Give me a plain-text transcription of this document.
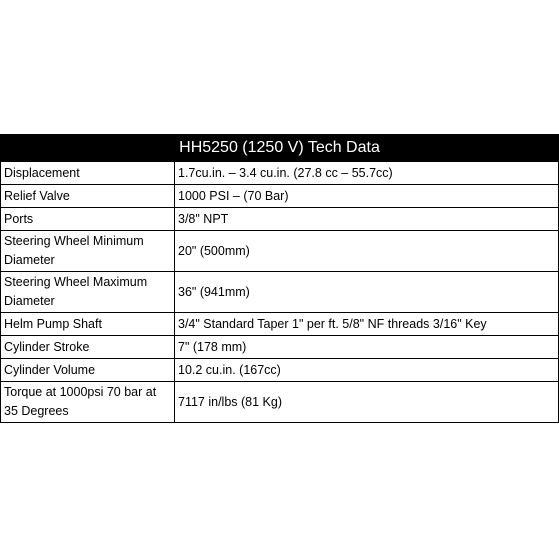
HH5250 (1250 V) Tech Data	
Displacement	1.7cu.in. – 3.4 cu.in. (27.8 cc – 55.7cc)
Relief Valve	1000 PSI – (70 Bar)
Ports	3/8" NPT
Steering Wheel Minimum Diameter	20" (500mm)
Steering Wheel Maximum Diameter	36" (941mm)
Helm Pump Shaft	3/4" Standard Taper 1" per ft. 5/8" NF threads 3/16" Key
Cylinder Stroke	7" (178 mm)
Cylinder Volume	10.2 cu.in. (167cc)
Torque at 1000psi 70 bar at 35 Degrees	7117 in/lbs (81 Kg)
